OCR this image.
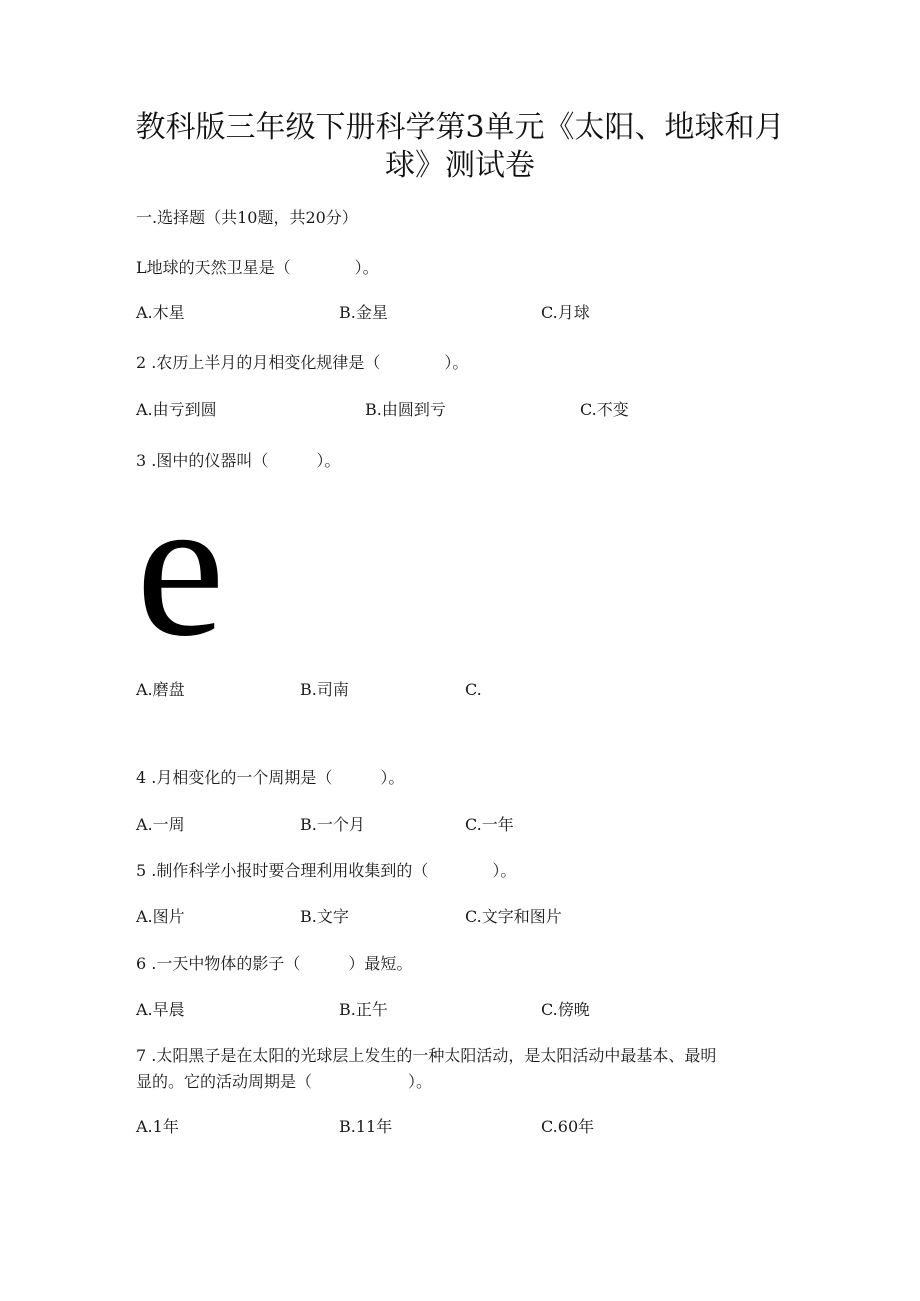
教科版三年级下册科学第3单元《太阳、地球和月
球》测试卷
一.选择题（共10题，共20分）
L地球的天然卫星是（　　　　）。
A.木星	B.金星	C.月球
2 .农历上半月的月相变化规律是（　　　　）。
A.由亏到圆	B.由圆到亏	C.不变
3 .图中的仪器叫（　　　）。
e
A.磨盘	B.司南	C.
4 .月相变化的一个周期是（　　　）。
A.一周	B.一个月	C.一年
5 .制作科学小报时要合理利用收集到的（　　　　）。
A.图片	B.文字	C.文字和图片
6 .一天中物体的影子（　　　）最短。
A.早晨	B.正午	C.傍晚
7 .太阳黑子是在太阳的光球层上发生的一种太阳活动，是太阳活动中最基本、最明
显的。它的活动周期是（　　　　　　）。
A.1年	B.11年	C.60年
